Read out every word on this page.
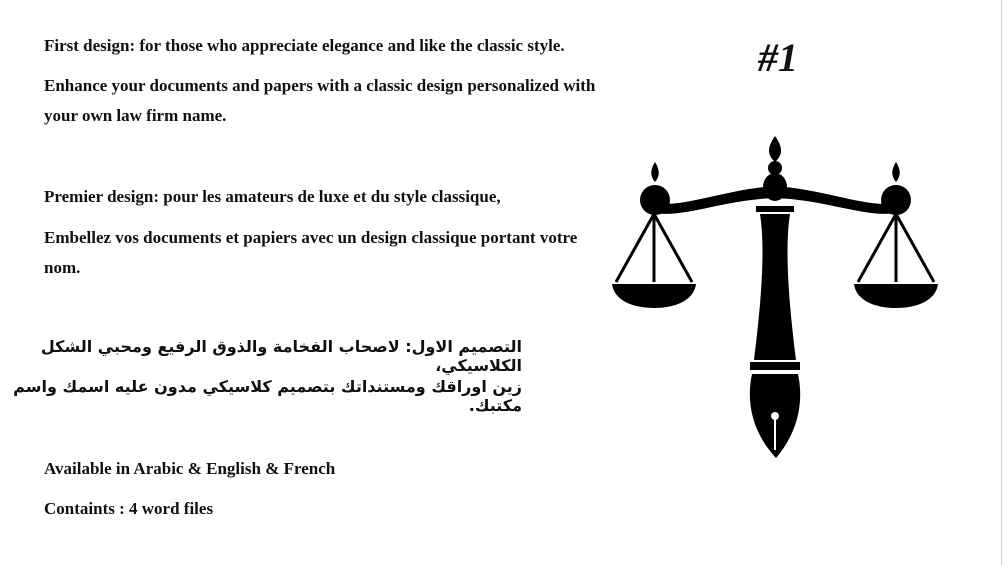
First design: for those who appreciate elegance and like the classic style.
Enhance your documents and papers with a classic design personalized with your own law firm name.
Premier design: pour les amateurs de luxe et du style classique,
Embellez vos documents et papiers avec un design classique portant votre nom.
التصميم الاول: لاصحاب الفخامة والذوق الرفيع ومحبي الشكل الكلاسيكي،
زين اوراقك ومستنداتك بتصميم كلاسيكي مدون عليه اسمك واسم مكتبك.
Available in Arabic & English & French
Containts : 4 word files
#1
